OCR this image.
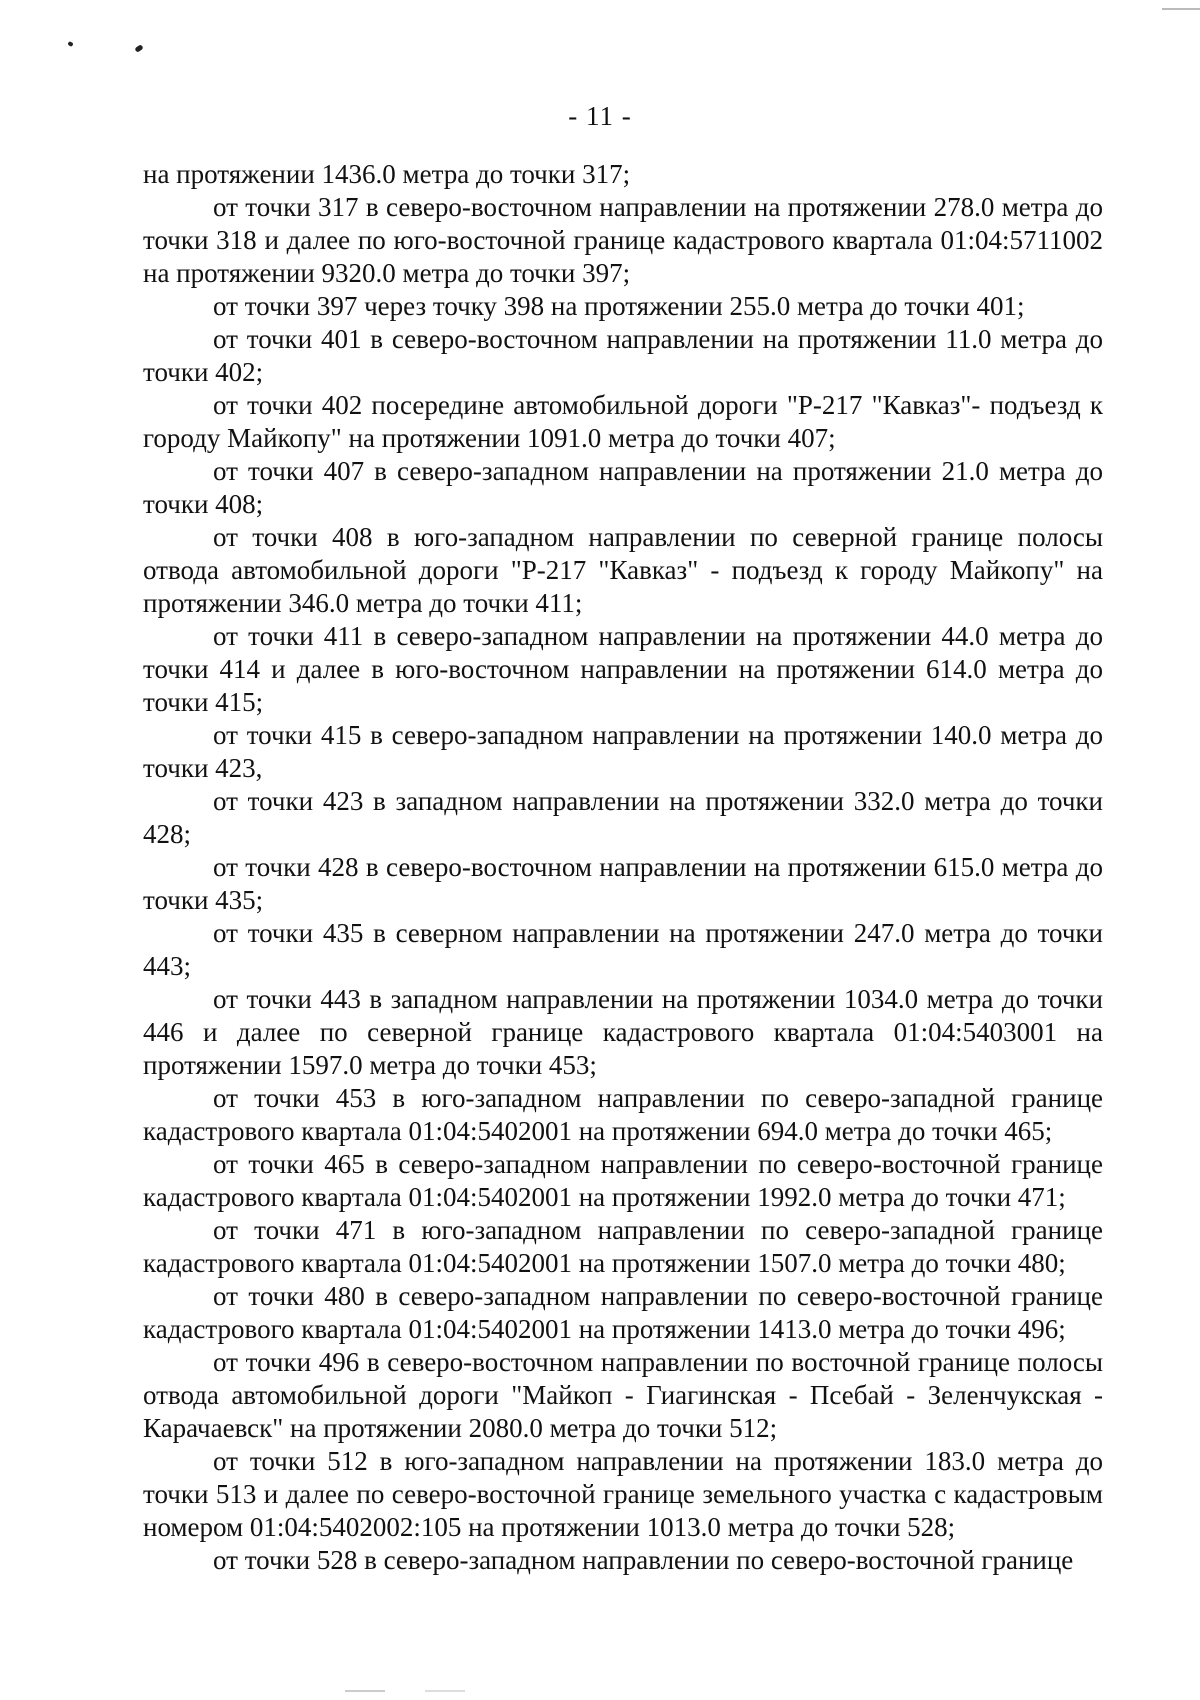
- 11 -

на протяжении 1436.0 метра до точки 317;

от точки 317 в северо-восточном направлении на протяжении 278.0 метра до точки 318 и далее по юго-восточной границе кадастрового квартала 01:04:5711002 на протяжении 9320.0 метра до точки 397;

от точки 397 через точку 398 на протяжении 255.0 метра до точки 401;

от точки 401 в северо-восточном направлении на протяжении 11.0 метра до точки 402;

от точки 402 посередине автомобильной дороги "Р-217 "Кавказ"- подъезд к городу Майкопу" на протяжении 1091.0 метра до точки 407;

от точки 407 в северо-западном направлении на протяжении 21.0 метра до точки 408;

от точки 408 в юго-западном направлении по северной границе полосы отвода автомобильной дороги "Р-217 "Кавказ" - подъезд к городу Майкопу" на протяжении 346.0 метра до точки 411;

от точки 411 в северо-западном направлении на протяжении 44.0 метра до точки 414 и далее в юго-восточном направлении на протяжении 614.0 метра до точки 415;

от точки 415 в северо-западном направлении на протяжении 140.0 метра до точки 423,

от точки 423 в западном направлении на протяжении 332.0 метра до точки 428;

от точки 428 в северо-восточном направлении на протяжении 615.0 метра до точки 435;

от точки 435 в северном направлении на протяжении 247.0 метра до точки 443;

от точки 443 в западном направлении на протяжении 1034.0 метра до точки 446 и далее по северной границе кадастрового квартала 01:04:5403001 на протяжении 1597.0 метра до точки 453;

от точки 453 в юго-западном направлении по северо-западной границе кадастрового квартала 01:04:5402001 на протяжении 694.0 метра до точки 465;

от точки 465 в северо-западном направлении по северо-восточной границе кадастрового квартала 01:04:5402001 на протяжении 1992.0 метра до точки 471;

от точки 471 в юго-западном направлении по северо-западной границе кадастрового квартала 01:04:5402001 на протяжении 1507.0 метра до точки 480;

от точки 480 в северо-западном направлении по северо-восточной границе кадастрового квартала 01:04:5402001 на протяжении 1413.0 метра до точки 496;

от точки 496 в северо-восточном направлении по восточной границе полосы отвода автомобильной дороги "Майкоп - Гиагинская - Псебай - Зеленчукская - Карачаевск" на протяжении 2080.0 метра до точки 512;

от точки 512 в юго-западном направлении на протяжении 183.0 метра до точки 513 и далее по северо-восточной границе земельного участка с кадастровым номером 01:04:5402002:105 на протяжении 1013.0 метра до точки 528;

от точки 528 в северо-западном направлении по северо-восточной границе
